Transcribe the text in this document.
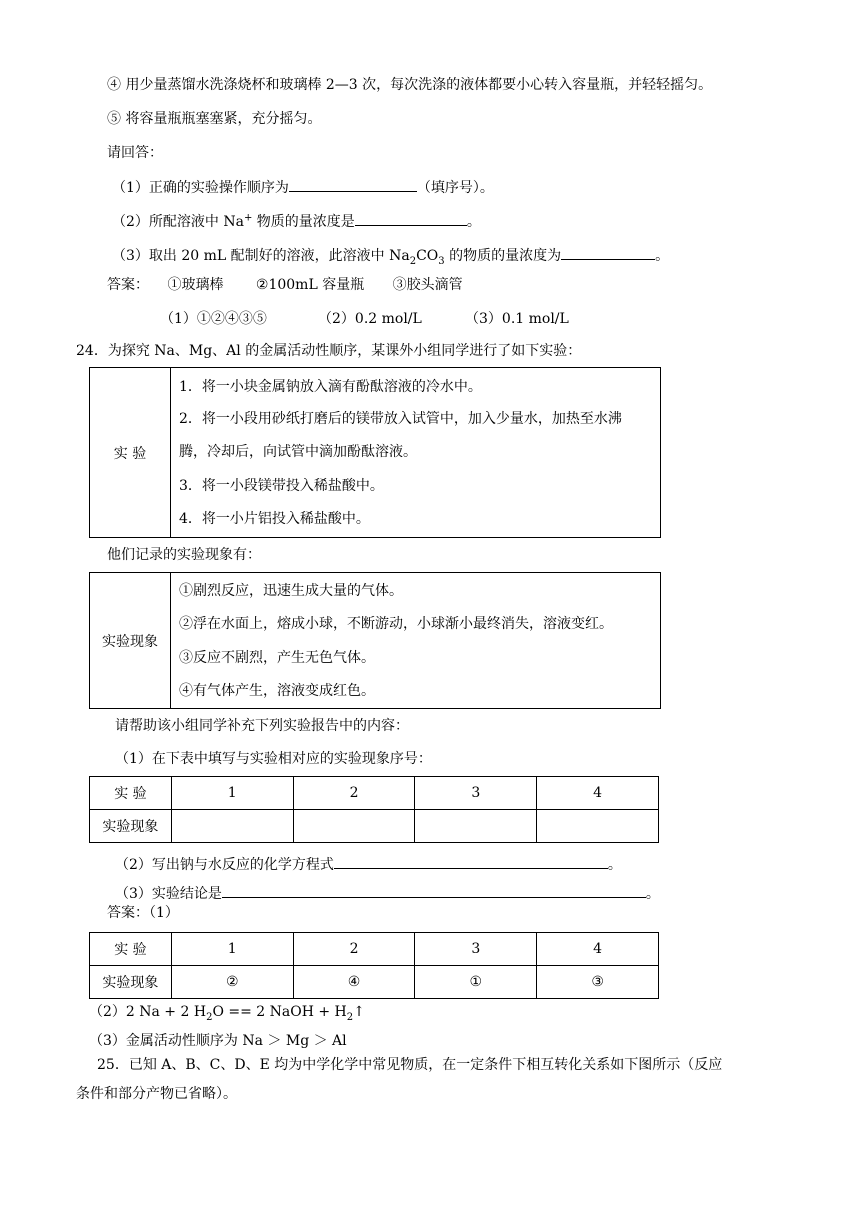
④ 用少量蒸馏水洗涤烧杯和玻璃棒 2—3 次，每次洗涤的液体都要小心转入容量瓶，并轻轻摇匀。
⑤ 将容量瓶瓶塞塞紧，充分摇匀。
请回答：
（1）正确的实验操作顺序为	（填序号）。
（2）所配溶液中 Na+ 物质的量浓度是	。
（3）取出 20 mL 配制好的溶液，此溶液中 $Na_2CO_3$ 的物质的量浓度为	。
答案： ①玻璃棒 ②100mL 容量瓶 ③胶头滴管
（1）①②④③⑤	（2）0.2 mol/L	（3）0.1 mol/L
24．为探究 Na、Mg、Al 的金属活动性顺序，某课外小组同学进行了如下实验：
实 验
1．将一小块金属钠放入滴有酚酞溶液的冷水中。
2．将一小段用砂纸打磨后的镁带放入试管中，加入少量水，加热至水沸
腾，冷却后，向试管中滴加酚酞溶液。
3．将一小段镁带投入稀盐酸中。
4．将一小片铝投入稀盐酸中。
他们记录的实验现象有：
实验现象
①剧烈反应，迅速生成大量的气体。
②浮在水面上，熔成小球，不断游动，小球渐小最终消失，溶液变红。
③反应不剧烈，产生无色气体。
④有气体产生，溶液变成红色。
请帮助该小组同学补充下列实验报告中的内容：
（1）在下表中填写与实验相对应的实验现象序号：
实 验	1	2	3	4
实验现象				
（2）写出钠与水反应的化学方程式	。
（3）实验结论是	。
答案：（1）
实 验	1	2	3	4
实验现象	②	④	①	③
（2）2 Na + 2 $H_2O == 2$ NaOH + $H_2↑$
（3）金属活动性顺序为 Na ＞ Mg ＞ Al
25．已知 A、B、C、D、E 均为中学化学中常见物质，在一定条件下相互转化关系如下图所示（反应
条件和部分产物已省略）。
